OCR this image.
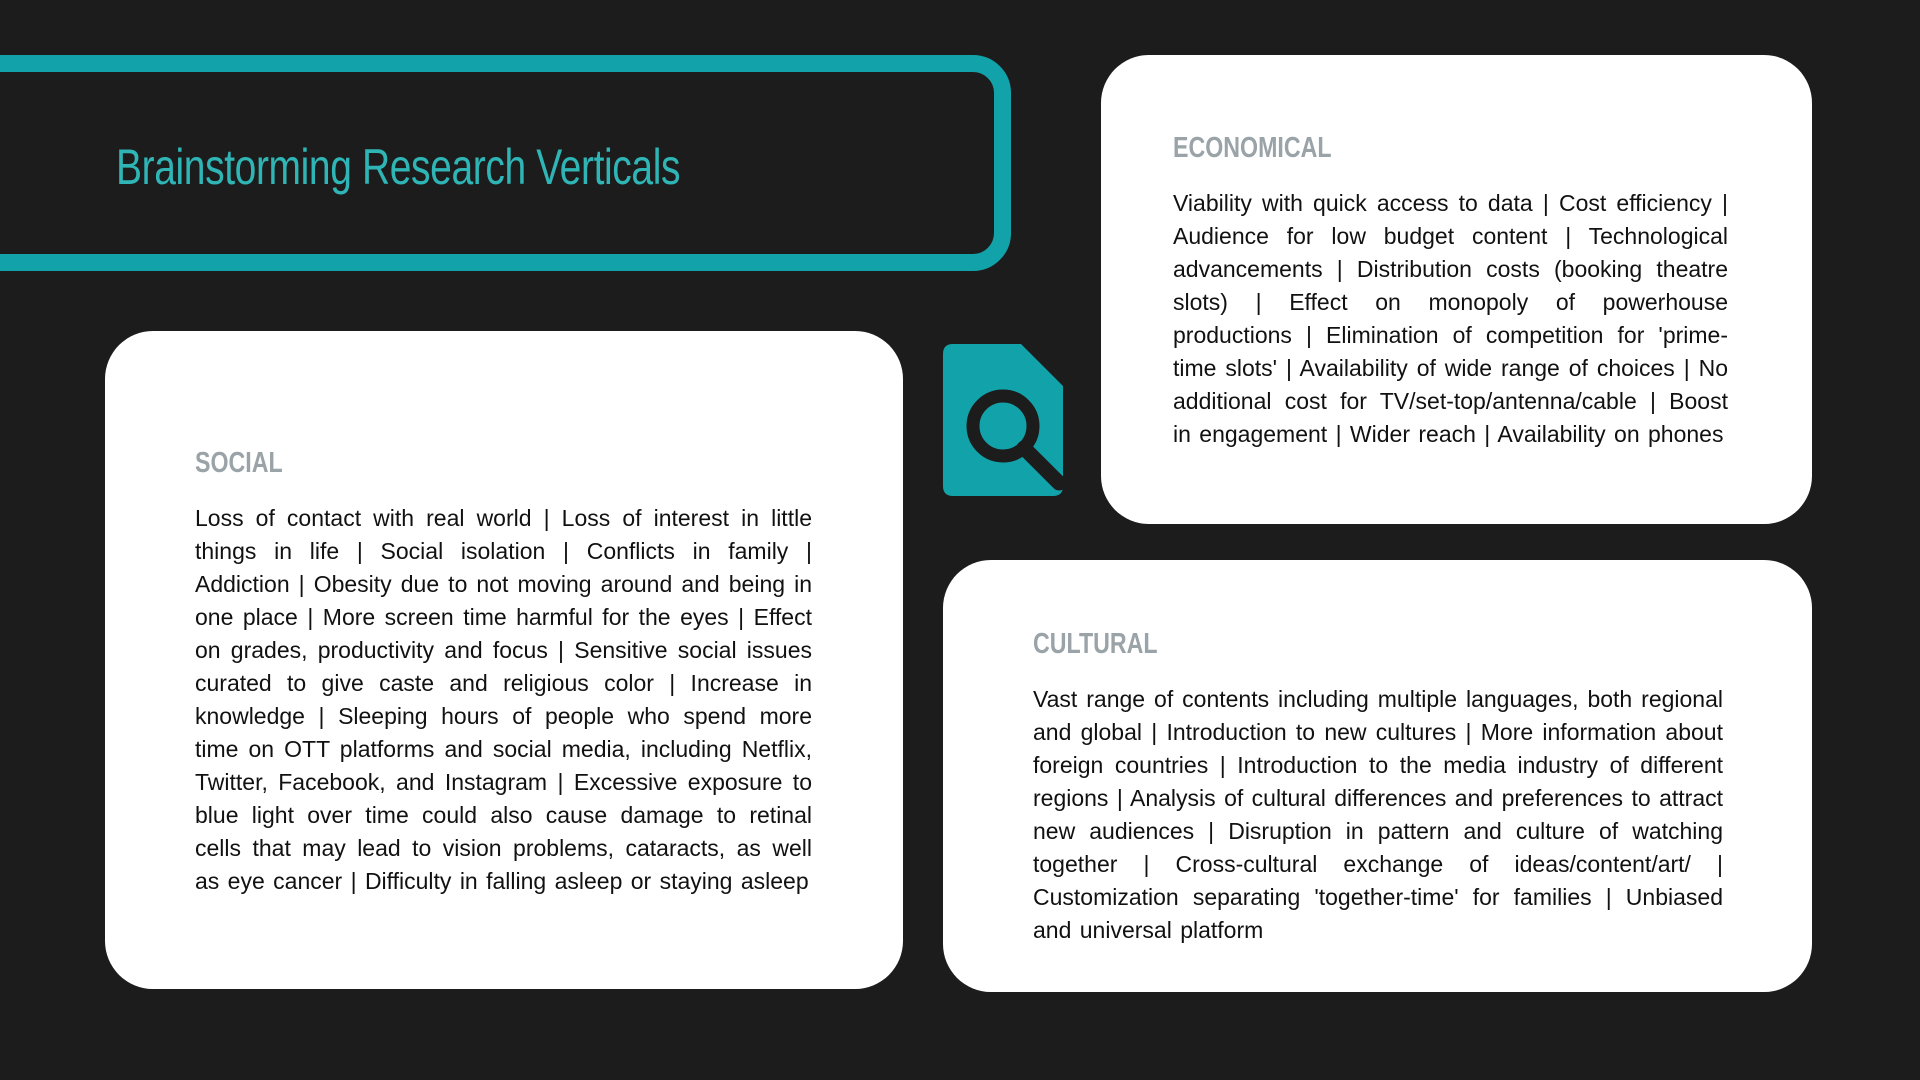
Brainstorming Research Verticals
SOCIAL

Loss of contact with real world | Loss of interest in little things in life | Social isolation | Conflicts in family | Addiction | Obesity due to not moving around and being in one place | More screen time harmful for the eyes | Effect on grades, productivity and focus | Sensitive social issues curated to give caste and religious color | Increase in knowledge | Sleeping hours of people who spend more time on OTT platforms and social media, including Netflix, Twitter, Facebook, and Instagram | Excessive exposure to blue light over time could also cause damage to retinal cells that may lead to vision problems, cataracts, as well as eye cancer | Difficulty in falling asleep or staying asleep

ECONOMICAL

Viability with quick access to data | Cost efficiency | Audience for low budget content | Technological advancements | Distribution costs (booking theatre slots) | Effect on monopoly of powerhouse productions | Elimination of competition for 'prime-time slots' | Availability of wide range of choices | No additional cost for TV/set-top/antenna/cable | Boost in engagement | Wider reach | Availability on phones

CULTURAL

Vast range of contents including multiple languages, both regional and global | Introduction to new cultures | More information about foreign countries | Introduction to the media industry of different regions | Analysis of cultural differences and preferences to attract new audiences | Disruption in pattern and culture of watching together | Cross-cultural exchange of ideas/content/art/ | Customization separating 'together-time' for families | Unbiased and universal platform
